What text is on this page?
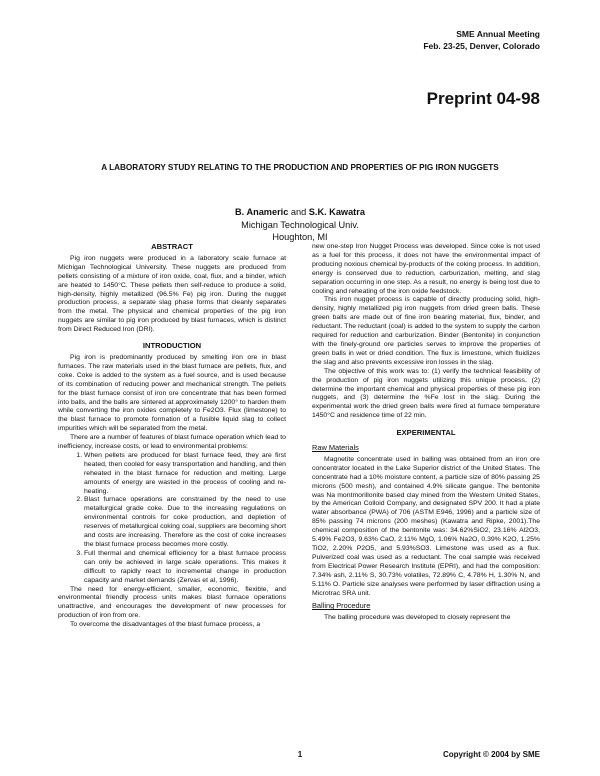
SME Annual Meeting
Feb. 23-25, Denver, Colorado
Preprint 04-98
A LABORATORY STUDY RELATING TO THE PRODUCTION AND PROPERTIES OF PIG IRON NUGGETS
B. Anameric and S.K. Kawatra
Michigan Technological Univ.
Houghton, MI

ABSTRACT

Pig iron nuggets were produced in a laboratory scale furnace at Michigan Technological University. These nuggets are produced from pellets consisting of a mixture of iron oxide, coal, flux, and a binder, which are heated to 1450°C. These pellets then self-reduce to produce a solid, high-density, highly metallized (96.5% Fe) pig iron. During the nugget production process, a separate slag phase forms that cleanly separates from the metal. The physical and chemical properties of the pig iron nuggets are similar to pig iron produced by blast furnaces, which is distinct from Direct Reduced Iron (DRI).

INTRODUCTION

Pig iron is predominantly produced by smelting iron ore in blast furnaces. The raw materials used in the blast furnace are pellets, flux, and coke. Coke is added to the system as a fuel source, and is used because of its combination of reducing power and mechanical strength. The pellets for the blast furnace consist of iron ore concentrate that has been formed into balls, and the balls are sintered at approximately 1200° to harden them while converting the iron oxides completely to Fe2O3. Flux (limestone) to the blast furnace to promote formation of a fusible liquid slag to collect impurities which will be separated from the metal.

There are a number of features of blast furnace operation which lead to inefficiency, increase costs, or lead to environmental problems:

1. When pellets are produced for blast furnace feed, they are first heated, then cooled for easy transportation and handling, and then reheated in the blast furnace for reduction and melting. Large amounts of energy are wasted in the process of cooling and re-heating.
2. Blast furnace operations are constrained by the need to use metallurgical grade coke. Due to the increasing regulations on environmental controls for coke production, and depletion of reserves of metallurgical coking coal, suppliers are becoming short and costs are increasing. Therefore as the cost of coke increases the blast furnace process becomes more costly.
3. Full thermal and chemical efficiency for a blast furnace process can only be achieved in large scale operations. This makes it difficult to rapidly react to incremental change in production capacity and market demands (Zervas et al, 1996).

The need for energy-efficient, smaller, economic, flexible, and environmental friendly process units makes blast furnace operations unattractive, and encourages the development of new processes for production of iron from ore.

To overcome the disadvantages of the blast furnace process, a

new one-step Iron Nugget Process was developed. Since coke is not used as a fuel for this process, it does not have the environmental impact of producing noxious chemical by-products of the coking process. In addition, energy is conserved due to reduction, carburization, melting, and slag separation occurring in one step. As a result, no energy is being lost due to cooling and reheating of the iron oxide feedstock.

This iron nugget process is capable of directly producing solid, high-density, highly metallized pig iron nuggets from dried green balls. These green balls are made out of fine iron bearing material, flux, binder, and reductant. The reductant (coal) is added to the system to supply the carbon required for reduction and carburization. Binder (Bentonite) in conjunction with the finely-ground ore particles serves to improve the properties of green balls in wet or dried condition. The flux is limestone, which fluidizes the slag and also prevents excessive iron losses in the slag.

The objective of this work was to: (1) verify the technical feasibility of the production of pig iron nuggets utilizing this unique process, (2) determine the important chemical and physical properties of these pig iron nuggets, and (3) determine the %Fe lost in the slag. During the experimental work the dried green balls were fired at furnace temperature 1450°C and residence time of 22 min.

EXPERIMENTAL

Raw Materials

Magnetite concentrate used in balling was obtained from an iron ore concentrator located in the Lake Superior district of the United States. The concentrate had a 10% moisture content, a particle size of 80% passing 25 microns (500 mesh), and contained 4.9% silicate gangue. The bentonite was Na montmorillonite based clay mined from the Western United States, by the American Colloid Company, and designated SPV 200. It had a plate water absorbance (PWA) of 706 (ASTM E946, 1996) and a particle size of 85% passing 74 microns (200 meshes) (Kawatra and Ripke, 2001).The chemical composition of the bentonite was: 34.62%SiO2, 23.16% Al2O3, 5.49% Fe2O3, 9.63% CaO, 2.11% MgO, 1.06% Na2O, 0.39% K2O, 1.25% TiO2, 2.20% P2O5, and 5.93%SO3. Limestone was used as a flux. Pulverized coal was used as a reductant. The coal sample was received from Electrical Power Research Institute (EPRI), and had the composition: 7.34% ash, 2.11% S, 30.73% volatiles, 72.89% C, 4.78% H, 1.30% N, and 5.11% O. Particle size analyses were performed by laser diffraction using a Microtrac SRA unit.

Balling Procedure

The balling procedure was developed to closely represent the

1	Copyright © 2004 by SME
